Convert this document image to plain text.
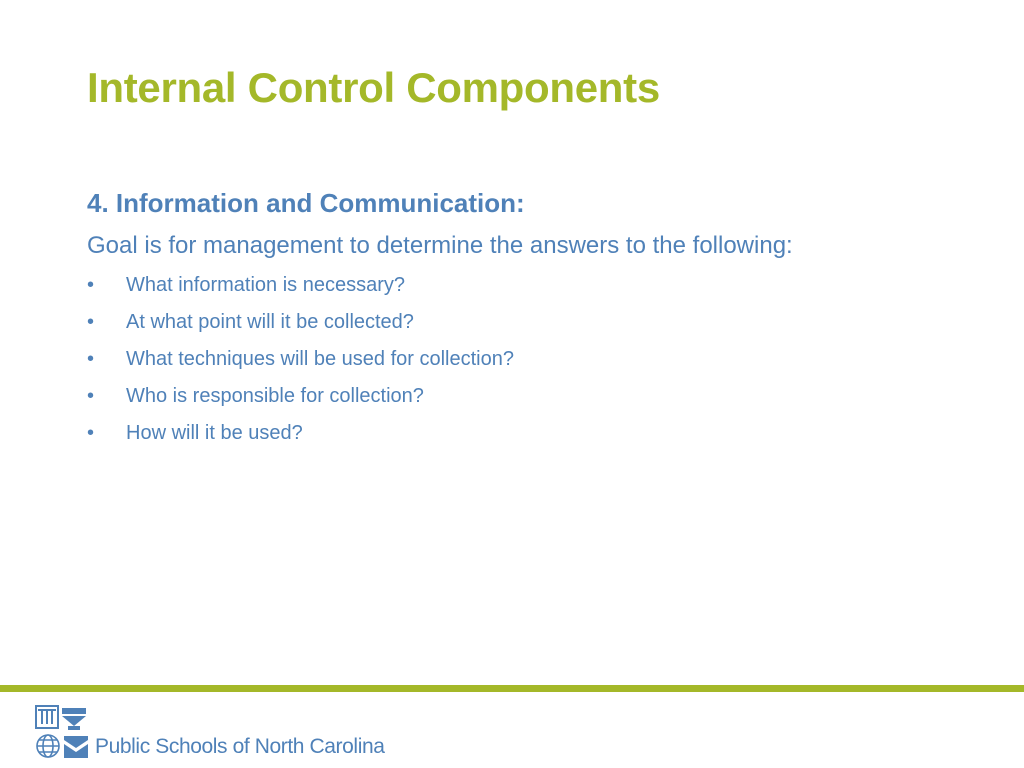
Internal Control Components
4. Information and Communication:

Goal is for management to determine the answers to the following:

• What information is necessary?
• At what point will it be collected?
• What techniques will be used for collection?
• Who is responsible for collection?
• How will it be used?

Public Schools of North Carolina
